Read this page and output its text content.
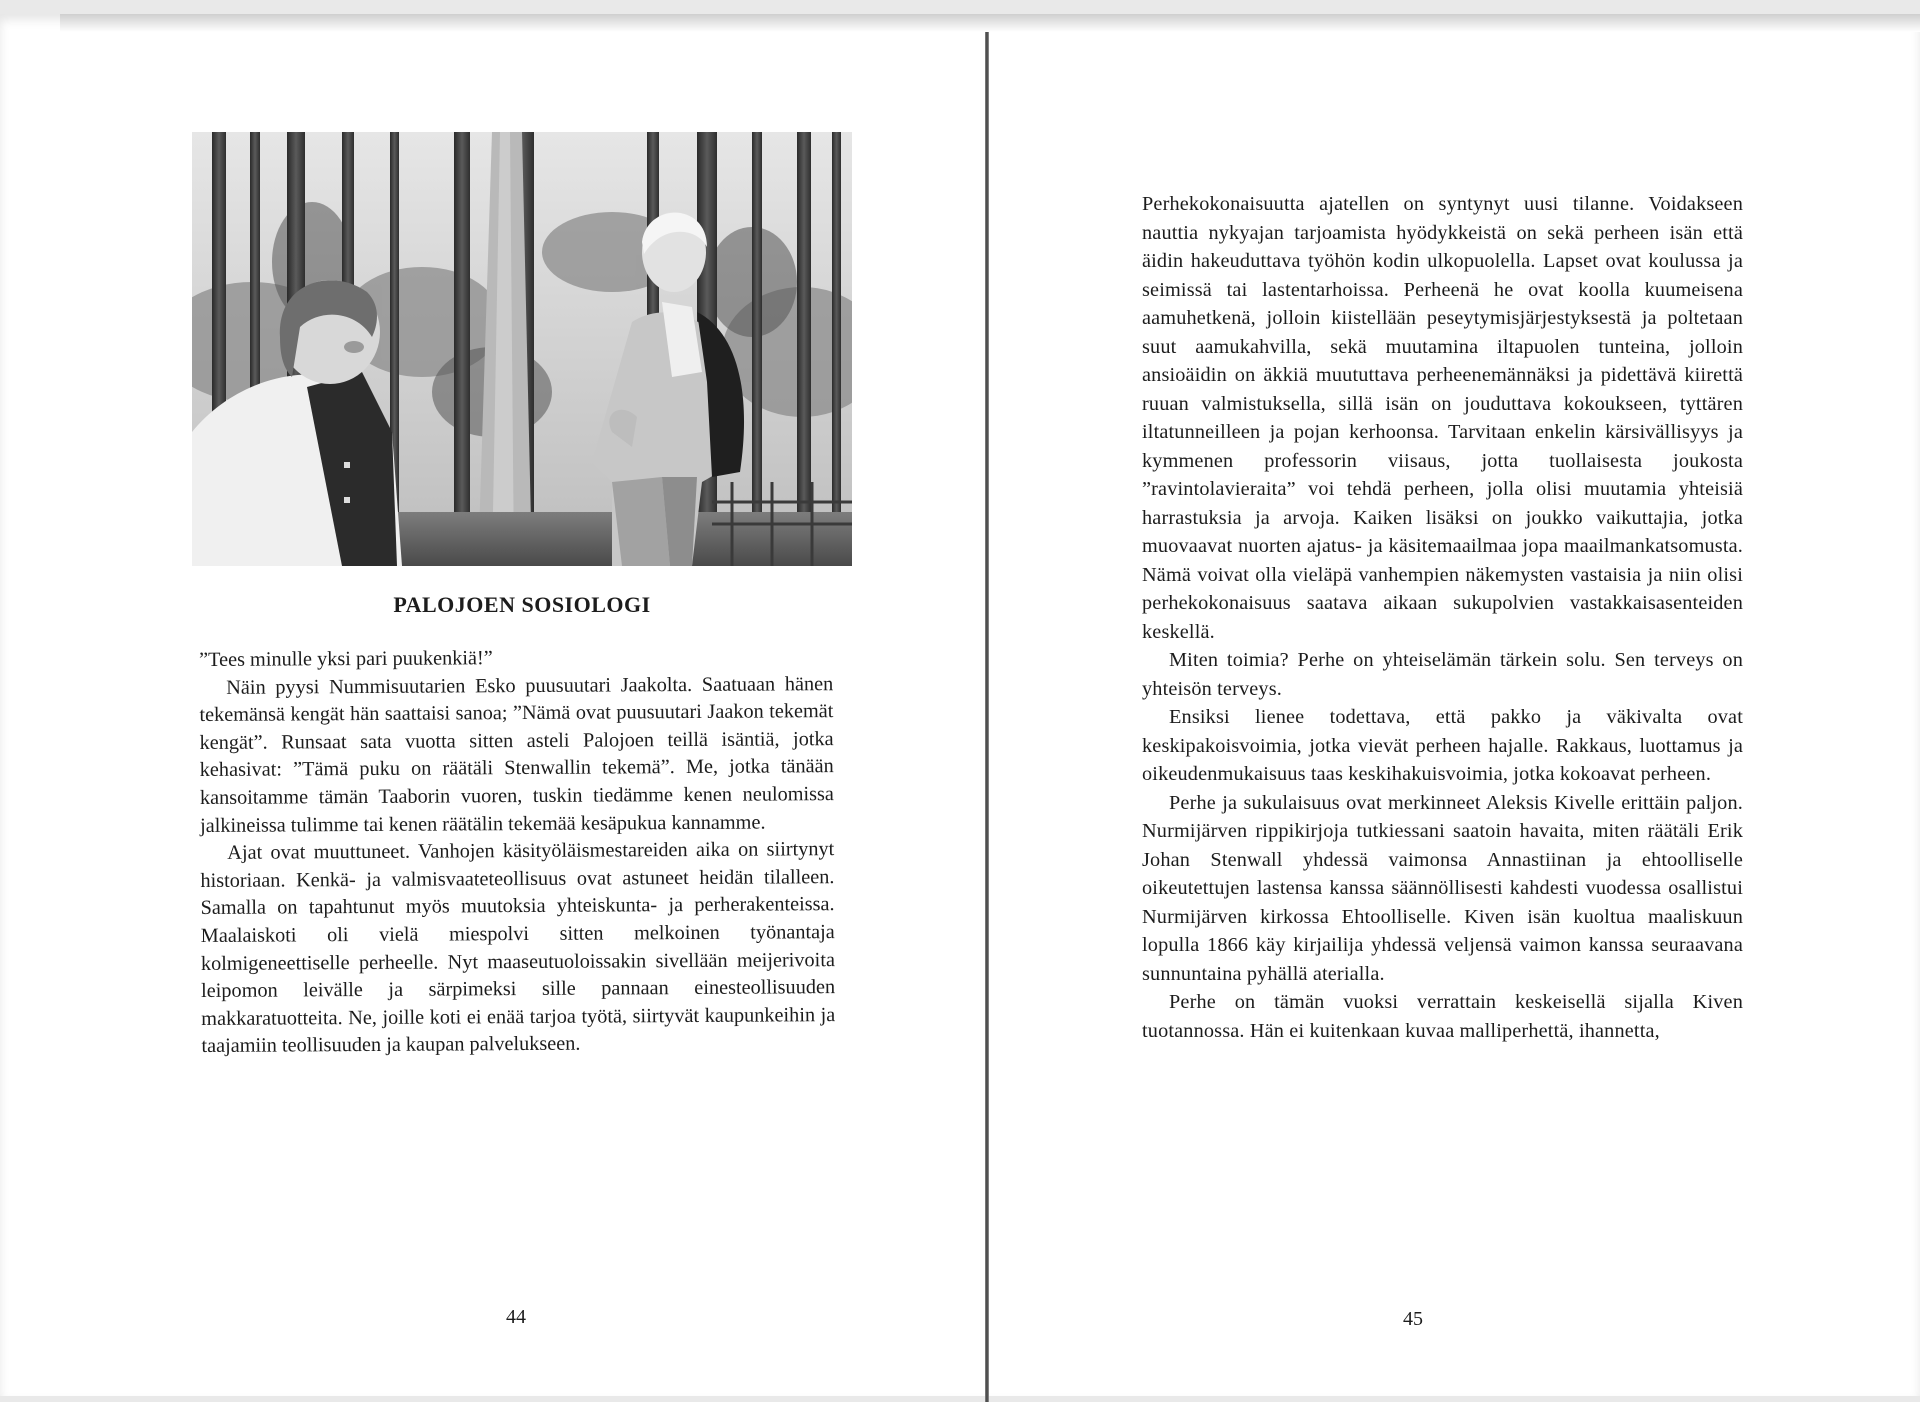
PALOJOEN SOSIOLOGI

”Tees minulle yksi pari puukenkiä!”

Näin pyysi Nummisuutarien Esko puusuutari Jaakolta. Saatuaan hänen tekemänsä kengät hän saattaisi sanoa; ”Nämä ovat puusuutari Jaakon tekemät kengät”. Runsaat sata vuotta sitten asteli Palojoen teillä isäntiä, jotka kehasivat: ”Tämä puku on räätäli Stenwallin tekemä”. Me, jotka tänään kansoitamme tämän Taaborin vuoren, tuskin tiedämme kenen neulomissa jalkineissa tulimme tai kenen räätälin tekemää kesäpukua kannamme.

Ajat ovat muuttuneet. Vanhojen käsityöläismestareiden aika on siirtynyt historiaan. Kenkä- ja valmisvaateteollisuus ovat astuneet heidän tilalleen. Samalla on tapahtunut myös muutoksia yhteiskunta- ja perherakenteissa. Maalaiskoti oli vielä miespolvi sitten melkoinen työnantaja kolmigeneettiselle perheelle. Nyt maaseutuoloissakin sivellään meijerivoita leipomon leivälle ja särpimeksi sille pannaan einesteollisuuden makkaratuotteita. Ne, joille koti ei enää tarjoa työtä, siirtyvät kaupunkeihin ja taajamiin teollisuuden ja kaupan palvelukseen.

44

Perhekokonaisuutta ajatellen on syntynyt uusi tilanne. Voidakseen nauttia nykyajan tarjoamista hyödykkeistä on sekä perheen isän että äidin hakeuduttava työhön kodin ulkopuolella. Lapset ovat koulussa ja seimissä tai lastentarhoissa. Perheenä he ovat koolla kuumeisena aamuhetkenä, jolloin kiistellään peseytymisjärjestyksestä ja poltetaan suut aamukahvilla, sekä muutamina iltapuolen tunteina, jolloin ansioäidin on äkkiä muututtava perheenemännäksi ja pidettävä kiirettä ruuan valmistuksella, sillä isän on jouduttava kokoukseen, tyttären iltatunneilleen ja pojan kerhoonsa. Tarvitaan enkelin kärsivällisyys ja kymmenen professorin viisaus, jotta tuollaisesta joukosta ”ravintolavieraita” voi tehdä perheen, jolla olisi muutamia yhteisiä harrastuksia ja arvoja. Kaiken lisäksi on joukko vaikuttajia, jotka muovaavat nuorten ajatus- ja käsitemaailmaa jopa maailmankatsomusta. Nämä voivat olla vieläpä vanhempien näkemysten vastaisia ja niin olisi perhekokonaisuus saatava aikaan sukupolvien vastakkaisasenteiden keskellä.

Miten toimia? Perhe on yhteiselämän tärkein solu. Sen terveys on yhteisön terveys.

Ensiksi lienee todettava, että pakko ja väkivalta ovat keskipakoisvoimia, jotka vievät perheen hajalle. Rakkaus, luottamus ja oikeudenmukaisuus taas keskihakuisvoimia, jotka kokoavat perheen.

Perhe ja sukulaisuus ovat merkinneet Aleksis Kivelle erittäin paljon. Nurmijärven rippikirjoja tutkiessani saatoin havaita, miten räätäli Erik Johan Stenwall yhdessä vaimonsa Annastiinan ja ehtoolliselle oikeutettujen lastensa kanssa säännöllisesti kahdesti vuodessa osallistui Nurmijärven kirkossa Ehtoolliselle. Kiven isän kuoltua maaliskuun lopulla 1866 käy kirjailija yhdessä veljensä vaimon kanssa seuraavana sunnuntaina pyhällä aterialla.

Perhe on tämän vuoksi verrattain keskeisellä sijalla Kiven tuotannossa. Hän ei kuitenkaan kuvaa malliperhettä, ihannetta,

45
